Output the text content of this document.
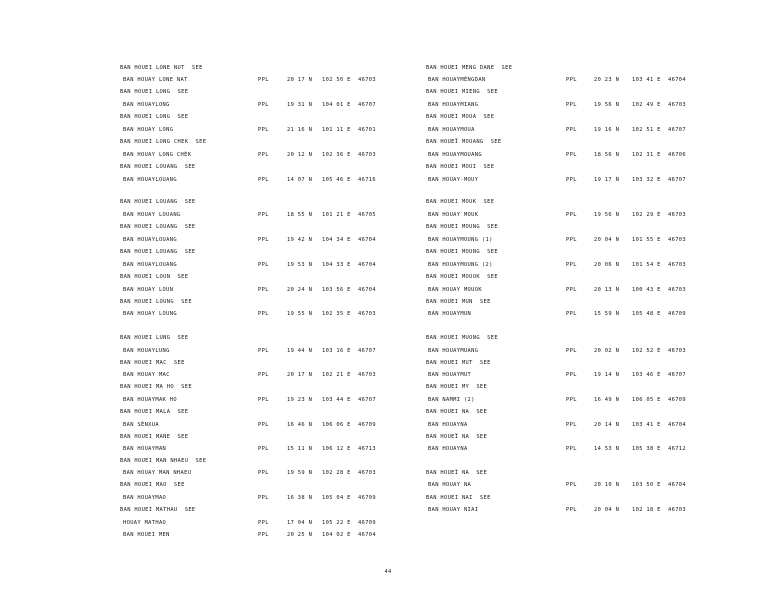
BAN HOUEI LONE NUT  SEE
BAN HOUAY LONE NAT	PPL	20 17 N 102 50 E 46703
BAN HOUEI LONG  SEE
BAN HOUAYLONG	PPL	19 31 N 104 01 E 46707
BAN HOUEI LONG  SEE
BAN HOUAY LONG	PPL	21 16 N 101 11 E 46701
BAN HOUEI LONG CHEK  SEE
BAN HOUAY LONG CHÈK	PPL	20 12 N 102 36 E 46703
BAN HOUEI LOUANG  SEE
BAN HOUAYLOUANG	PPL	14 07 N 105 46 E 46716
BAN HOUEI LOUANG  SEE
BAN HOUAY LOUANG	PPL	18 55 N 101 21 E 46705
BAN HOUEI LOUANG  SEE
BAN HOUAYLOUANG	PPL	19 42 N 104 34 E 46704
BAN HOUEI LOUANG  SEE
BAN HOUAYLOUANG	PPL	19 53 N 104 33 E 46704
BAN HOUEI LOUN  SEE
BAN HOUAY LOUN	PPL	20 24 N 103 56 E 46704
BAN HOUEI LOUNG  SEE
BAN HOUAY LOUNG	PPL	19 55 N 102 35 E 46703
BAN HOUEI LUNG  SEE
BAN HOUAYLUNG	PPL	19 44 N 103 16 E 46707
BAN HOUEI MAC  SEE
BAN HOUAY MAC	PPL	20 17 N 102 21 E 46703
BAN HOUEI MA HO  SEE
BAN HOUAYMAK HO	PPL	19 23 N 103 44 E 46707
BAN HOUEI MALA  SEE
BAN SÈNXUA	PPL	16 46 N 106 06 E 46709
BAN HOUEI MANE  SEE
BAN HOUAYMAN	PPL	15 11 N 106 12 E 46713
BAN HOUEI MAN NHAEU  SEE
BAN HOUAY MAN NHAEU	PPL	19 59 N 102 28 E 46703
BAN HOUEI MAO  SEE
BAN HOUAYMAO	PPL	16 38 N 105 04 E 46709
BAN HOUEI MATHAU  SEE
HOUAY MATHAO	PPL	17 04 N 105 22 E 46709
BAN HOUEI MEN	PPL	20 25 N 104 02 E 46704
BAN HOUEI MENG DANE  SEE
BAN HOUAYMÈNGDAN	PPL	20 23 N 103 41 E 46704
BAN HOUEI MIENG  SEE
BAN HOUAYMIANG	PPL	19 56 N 102 49 E 46703
BAN HOUEI MOUA  SEE
BAN HOUAYMOUA	PPL	19 16 N 102 51 E 46707
BAN HOUEÏ MOUANG  SEE
BAN HOUAYMOUANG	PPL	18 56 N 102 31 E 46706
BAN HOUEI MOUI  SEE
BAN HOUAY-MOUY	PPL	19 17 N 103 32 E 46707
BAN HOUEI MOUK  SEE
BAN HOUAY MOUK	PPL	19 56 N 102 29 E 46703
BAN HOUEI MOUNG  SEE
BAN HOUAYMOUNG (1)	PPL	20 04 N 101 55 E 46703
BAN HOUEI MOUNG  SEE
BAN HOUAYMOUNG (2)	PPL	20 06 N 101 54 E 46703
BAN HOUEI MOUOK  SEE
BAN HOUAY MOUOK	PPL	20 13 N 100 43 E 46703
BAN HOUEI MUN  SEE
BAN HOUAYMUN	PPL	15 59 N 105 48 E 46709
BAN HOUEI MUONG  SEE
BAN HOUAYMUANG	PPL	20 02 N 102 52 E 46703
BAN HOUEI MUT  SEE
BAN HOUAYMUT	PPL	19 14 N 103 46 E 46707
BAN HOUEI MY  SEE
BAN NAMMI (2)	PPL	16 49 N 106 05 E 46709
BAN HOUEI NA  SEE
BAN HOUAYNA	PPL	20 14 N 103 41 E 46704
BAN HOUEÏ NA  SEE
BAN HOUAYNA	PPL	14 53 N 105 38 E 46712
BAN HOUEÏ NA  SEE
BAN HOUAY NA	PPL	20 10 N 103 50 E 46704
BAN HOUEI NAI  SEE
BAN HOUAY NIAI	PPL	20 04 N 102 18 E 46703
44
